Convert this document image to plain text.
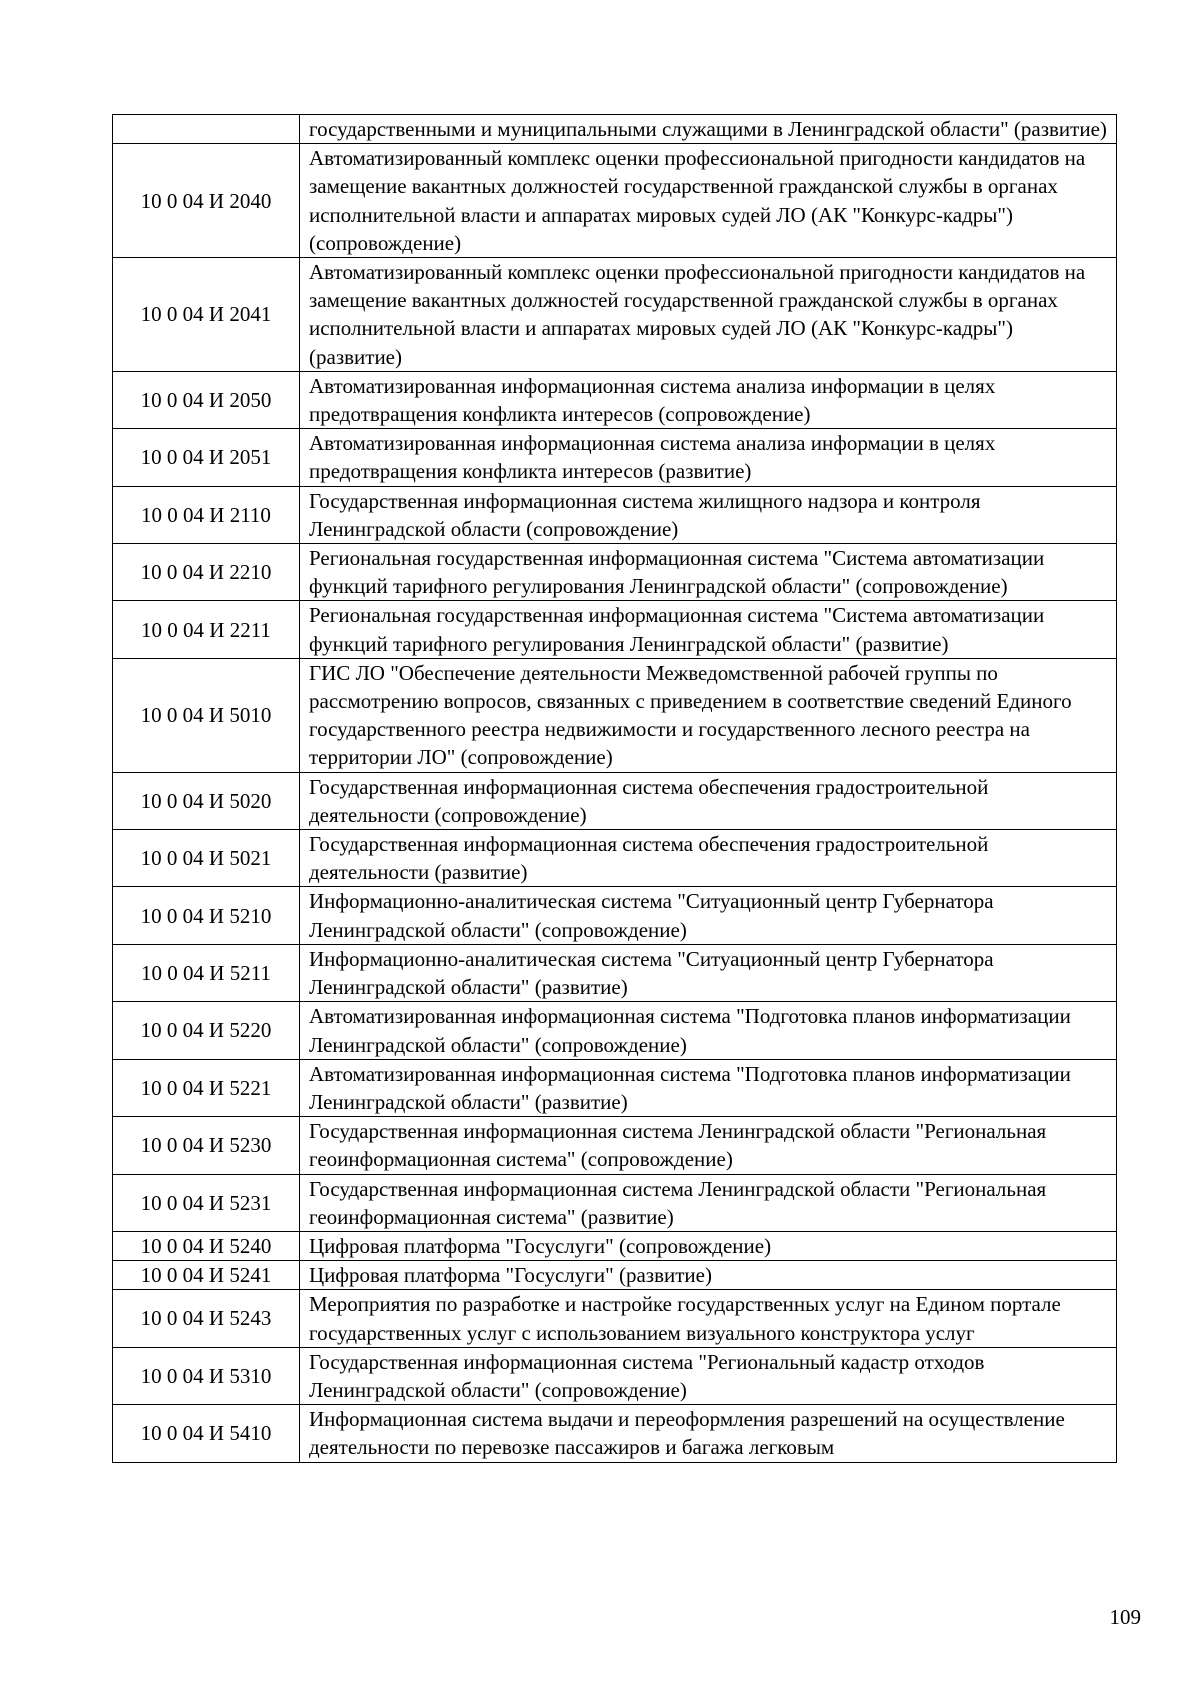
	государственными и муниципальными служащими в Ленинградской области" (развитие)
10 0 04 И 2040	Автоматизированный комплекс оценки профессиональной пригодности кандидатов на замещение вакантных должностей государственной гражданской службы в органах исполнительной власти и аппаратах мировых судей ЛО (АК "Конкурс-кадры") (сопровождение)
10 0 04 И 2041	Автоматизированный комплекс оценки профессиональной пригодности кандидатов на замещение вакантных должностей государственной гражданской службы в органах исполнительной власти и аппаратах мировых судей ЛО (АК "Конкурс-кадры") (развитие)
10 0 04 И 2050	Автоматизированная информационная система анализа информации в целях предотвращения конфликта интересов (сопровождение)
10 0 04 И 2051	Автоматизированная информационная система анализа информации в целях предотвращения конфликта интересов (развитие)
10 0 04 И 2110	Государственная информационная система жилищного надзора и контроля Ленинградской области (сопровождение)
10 0 04 И 2210	Региональная государственная информационная система "Система автоматизации функций тарифного регулирования Ленинградской области" (сопровождение)
10 0 04 И 2211	Региональная государственная информационная система "Система автоматизации функций тарифного регулирования Ленинградской области" (развитие)
10 0 04 И 5010	ГИС ЛО "Обеспечение деятельности Межведомственной рабочей группы по рассмотрению вопросов, связанных с приведением в соответствие сведений Единого государственного реестра недвижимости и государственного лесного реестра на территории ЛО" (сопровождение)
10 0 04 И 5020	Государственная информационная система обеспечения градостроительной деятельности (сопровождение)
10 0 04 И 5021	Государственная информационная система обеспечения градостроительной деятельности (развитие)
10 0 04 И 5210	Информационно-аналитическая система "Ситуационный центр Губернатора Ленинградской области" (сопровождение)
10 0 04 И 5211	Информационно-аналитическая система "Ситуационный центр Губернатора Ленинградской области" (развитие)
10 0 04 И 5220	Автоматизированная информационная система "Подготовка планов информатизации Ленинградской области" (сопровождение)
10 0 04 И 5221	Автоматизированная информационная система "Подготовка планов информатизации Ленинградской области" (развитие)
10 0 04 И 5230	Государственная информационная система Ленинградской области "Региональная геоинформационная система" (сопровождение)
10 0 04 И 5231	Государственная информационная система Ленинградской области "Региональная геоинформационная система" (развитие)
10 0 04 И 5240	Цифровая платформа "Госуслуги" (сопровождение)
10 0 04 И 5241	Цифровая платформа "Госуслуги" (развитие)
10 0 04 И 5243	Мероприятия по разработке и настройке государственных услуг на Едином портале государственных услуг с использованием визуального конструктора услуг
10 0 04 И 5310	Государственная информационная система "Региональный кадастр отходов Ленинградской области" (сопровождение)
10 0 04 И 5410	Информационная система выдачи и переоформления разрешений на осуществление деятельности по перевозке пассажиров и багажа легковым
109
